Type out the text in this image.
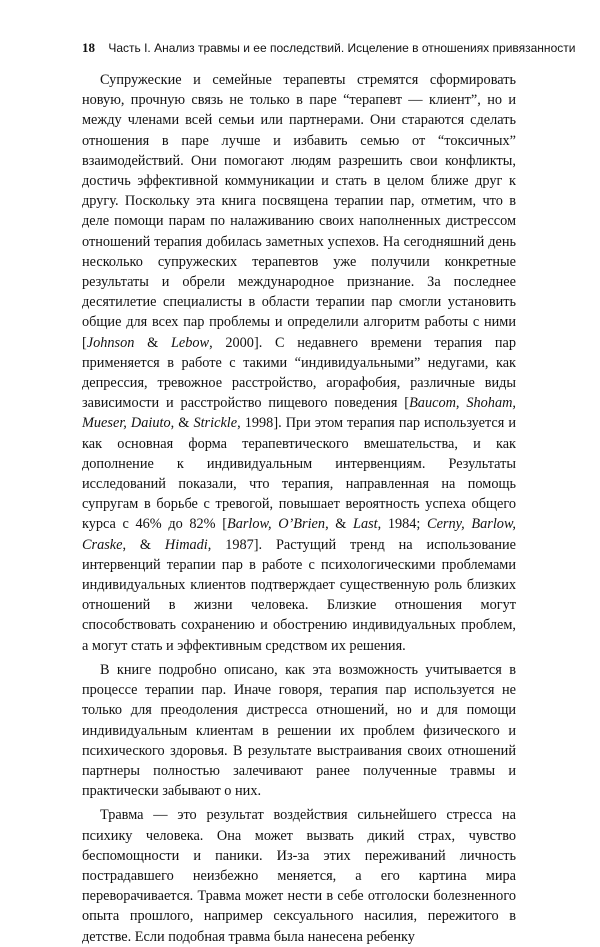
18 Часть I. Анализ травмы и ее последствий. Исцеление в отношениях привязанности

Супружеские и семейные терапевты стремятся сформировать новую, прочную связь не только в паре “терапевт — клиент”, но и между членами всей семьи или партнерами. Они стараются сделать отношения в паре лучше и избавить семью от “токсичных” взаимодействий. Они помогают людям разрешить свои конфликты, достичь эффективной коммуникации и стать в целом ближе друг к другу. Поскольку эта книга посвящена терапии пар, отметим, что в деле помощи парам по налаживанию своих наполненных дистрессом отношений терапия добилась заметных успехов. На сегодняшний день несколько супружеских терапевтов уже получили конкретные результаты и обрели международное признание. За последнее десятилетие специалисты в области терапии пар смогли установить общие для всех пар проблемы и определили алгоритм работы с ними [Johnson & Lebow, 2000]. С недавнего времени терапия пар применяется в работе с такими “индивидуальными” недугами, как депрессия, тревожное расстройство, агорафобия, различные виды зависимости и расстройство пищевого поведения [Baucom, Shoham, Mueser, Daiuto, & Strickle, 1998]. При этом терапия пар используется и как основная форма терапевтического вмешательства, и как дополнение к индивидуальным интервенциям. Результаты исследований показали, что терапия, направленная на помощь супругам в борьбе с тревогой, повышает вероятность успеха общего курса с 46% до 82% [Barlow, O’Brien, & Last, 1984; Cerny, Barlow, Craske, & Himadi, 1987]. Растущий тренд на использование интервенций терапии пар в работе с психологическими проблемами индивидуальных клиентов подтверждает существенную роль близких отношений в жизни человека. Близкие отношения могут способствовать сохранению и обострению индивидуальных проблем, а могут стать и эффективным средством их решения.

В книге подробно описано, как эта возможность учитывается в процессе терапии пар. Иначе говоря, терапия пар используется не только для преодоления дистресса отношений, но и для помощи индивидуальным клиентам в решении их проблем физического и психического здоровья. В результате выстраивания своих отношений партнеры полностью залечивают ранее полученные травмы и практически забывают о них.

Травма — это результат воздействия сильнейшего стресса на психику человека. Она может вызвать дикий страх, чувство беспомощности и паники. Из-за этих переживаний личность пострадавшего неизбежно меняется, а его картина мира переворачивается. Травма может нести в себе отголоски болезненного опыта прошлого, например сексуального насилия, пережитого в детстве. Если подобная травма была нанесена ребенку
